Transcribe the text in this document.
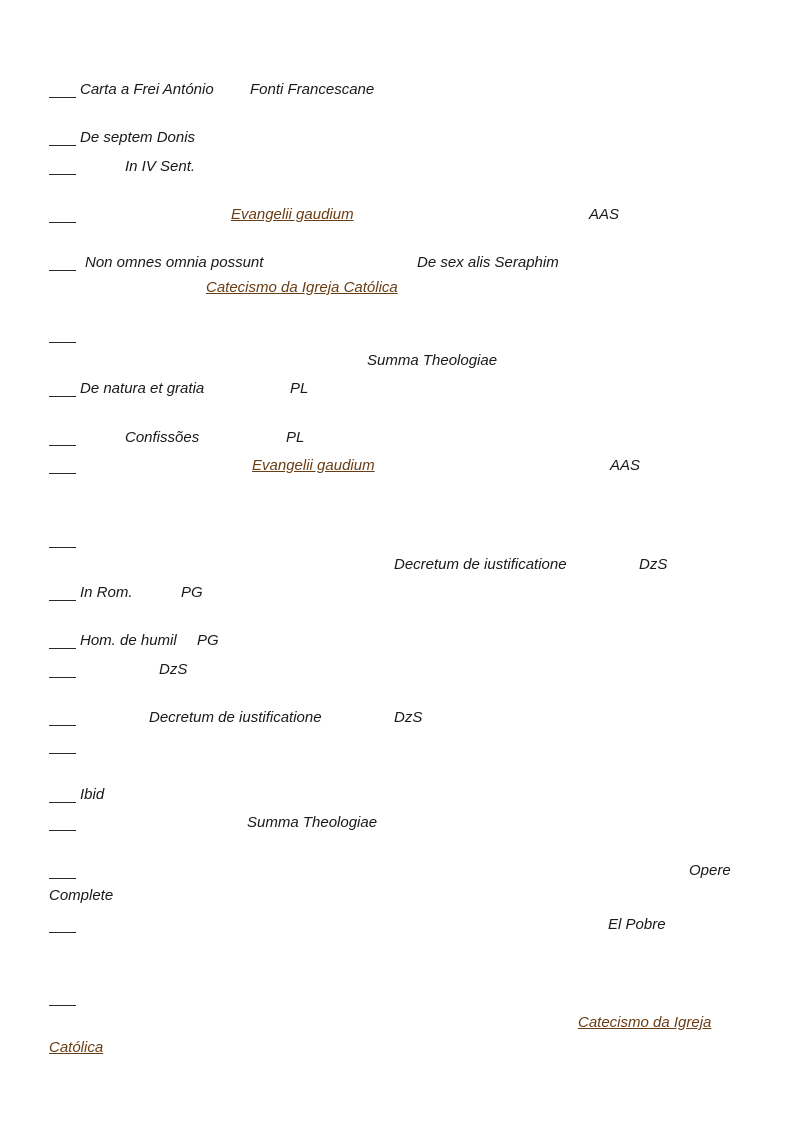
Carta a Frei António Fonti Francescane
De septem Donis
In IV Sent.
Evangelii gaudium	AAS
Non omnes omnia possunt	De sex alis Seraphim
Catecismo da Igreja Católica
Summa Theologiae
De natura et gratia	PL
Confissões	PL
Evangelii gaudium	AAS
Decretum de iustificatione	DzS
In Rom.	PG
Hom. de humil PG
DzS
Decretum de iustificatione	DzS
Ibid
Summa Theologiae
Opere
Complete
El Pobre
Catecismo da Igreja
Católica
